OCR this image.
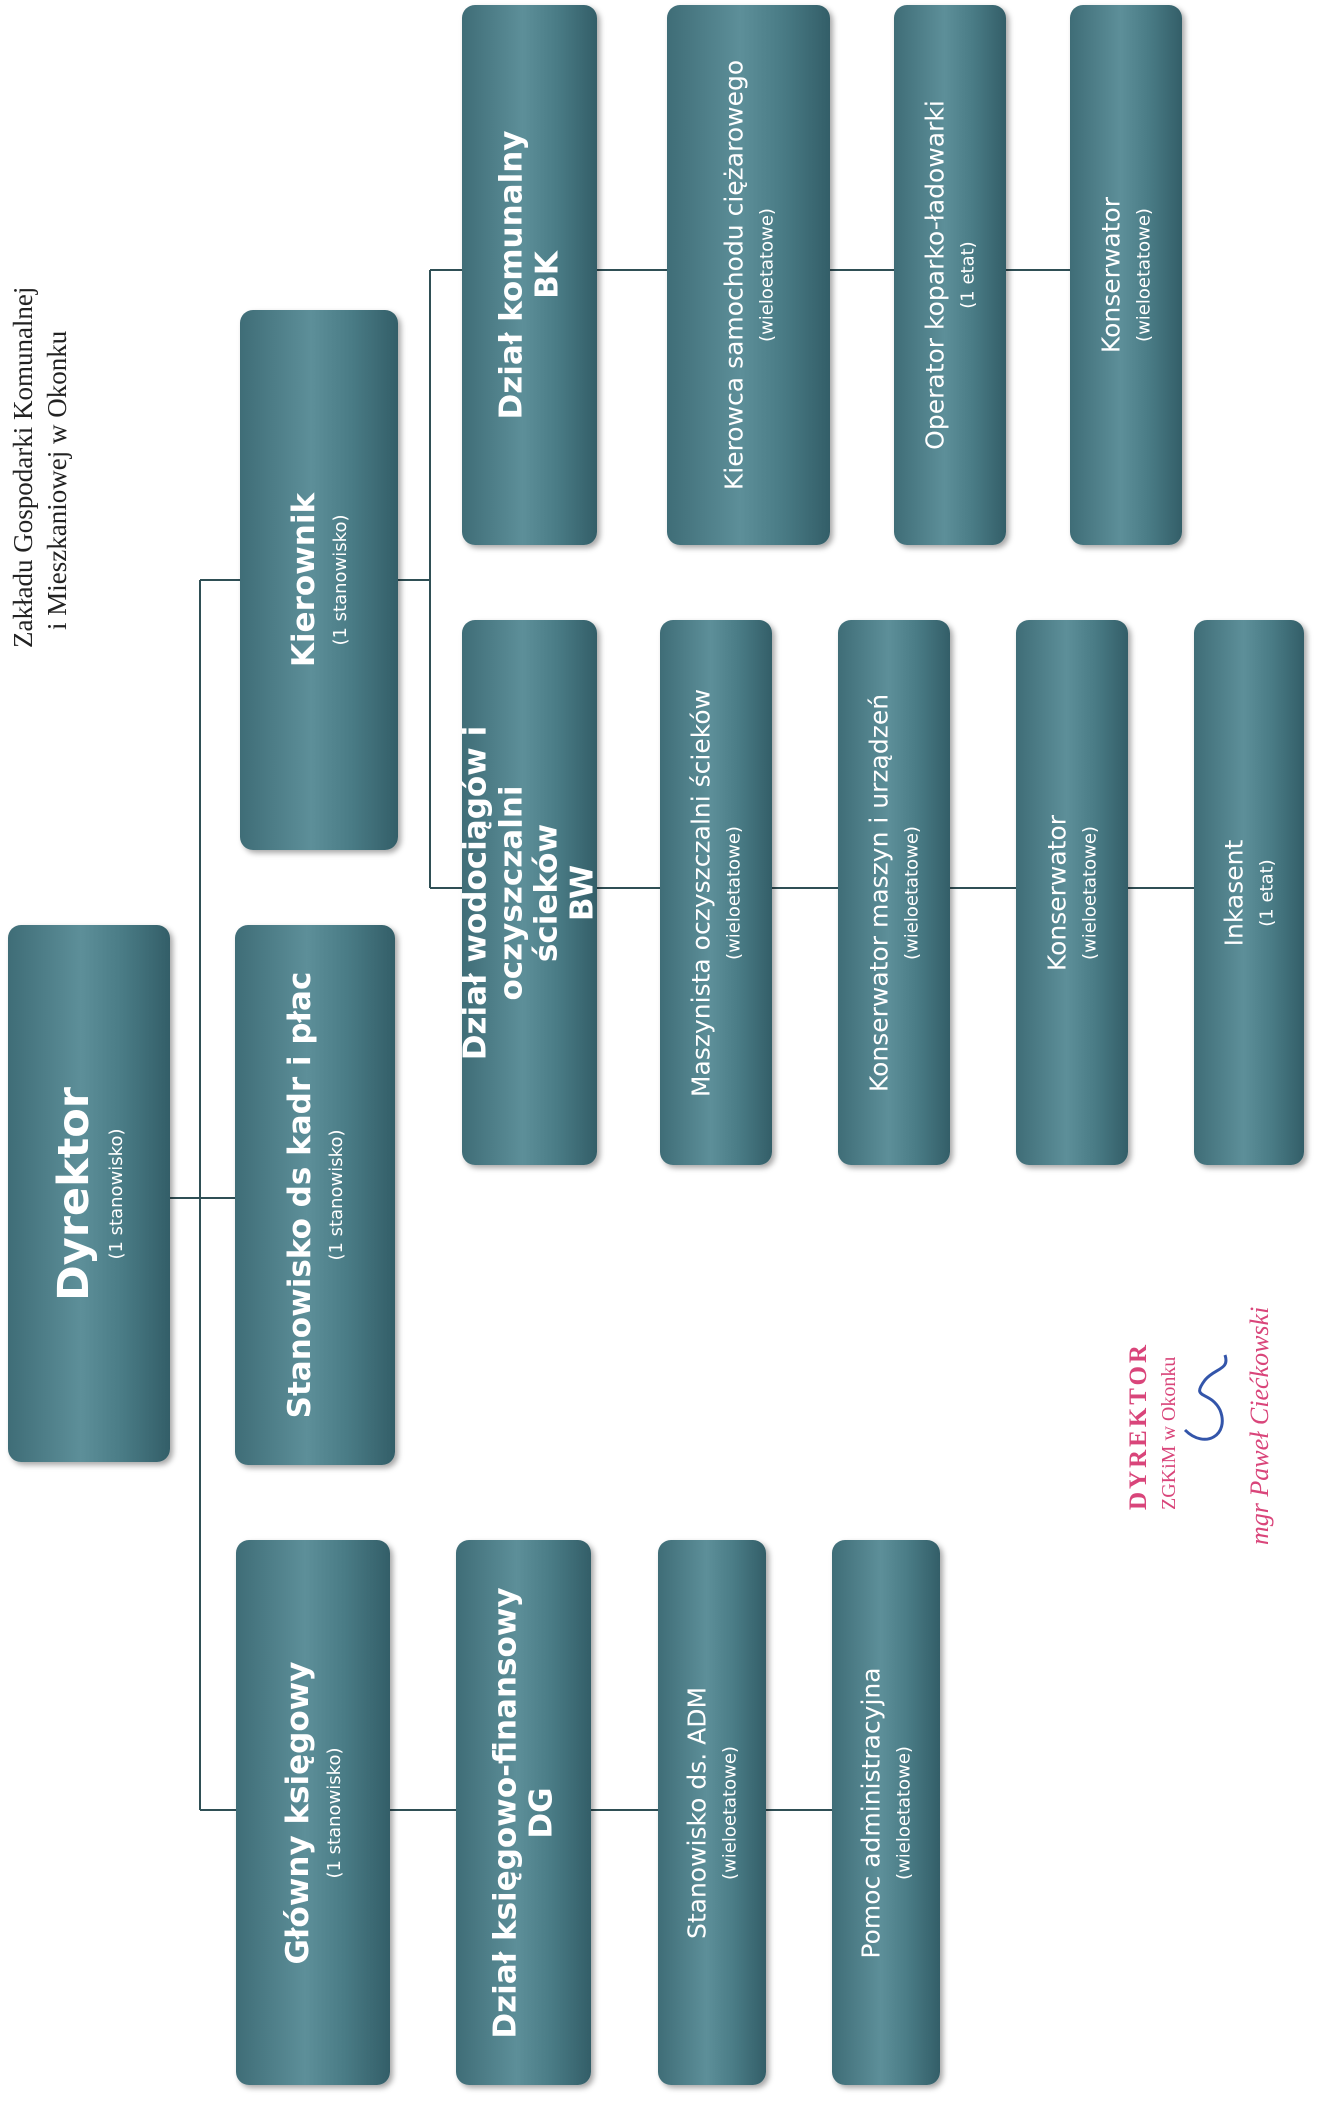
Zakładu Gospodarki Komunalnej i Mieszkaniowej w Okonku
Dyrektor (1 stanowisko)
Główny księgowy (1 stanowisko)
Stanowisko ds kadr i płac (1 stanowisko)
Kierownik (1 stanowisko)
Dział księgowo-finansowy DG	Stanowisko ds. ADM (wieloetatowe)	Pomoc administracyjna (wieloetatowe)
Dział wodociągów i oczyszczalni ścieków BW	Maszynista oczyszczalni ścieków (wieloetatowe)	Konserwator maszyn i urządzeń (wieloetatowe)	Konserwator (wieloetatowe)	Inkasent (1 etat)
Dział komunalny BK	Kierowca samochodu ciężarowego (wieloetatowe)	Operator koparko-ładowarki (1 etat)	Konserwator (wieloetatowe)
DYREKTOR ZGKiM w Okonku	mgr Paweł Ciećkowski
